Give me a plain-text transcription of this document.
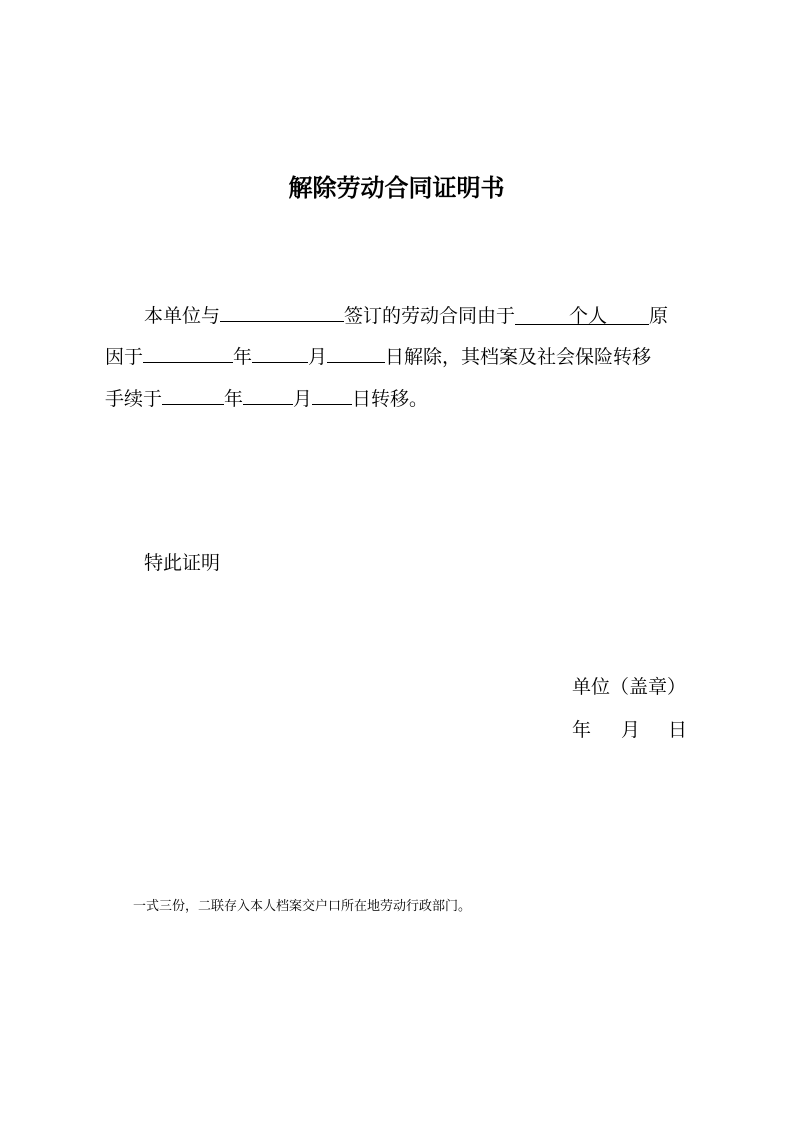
解除劳动合同证明书
本单位与	签订的劳动合同由于	个人 原
因于	年	月	日解除，其档案及社会保险转移
手续于	年	月 日转移。
特此证明
单位（盖章）
年 月 日
一式三份，二联存入本人档案交户口所在地劳动行政部门。
